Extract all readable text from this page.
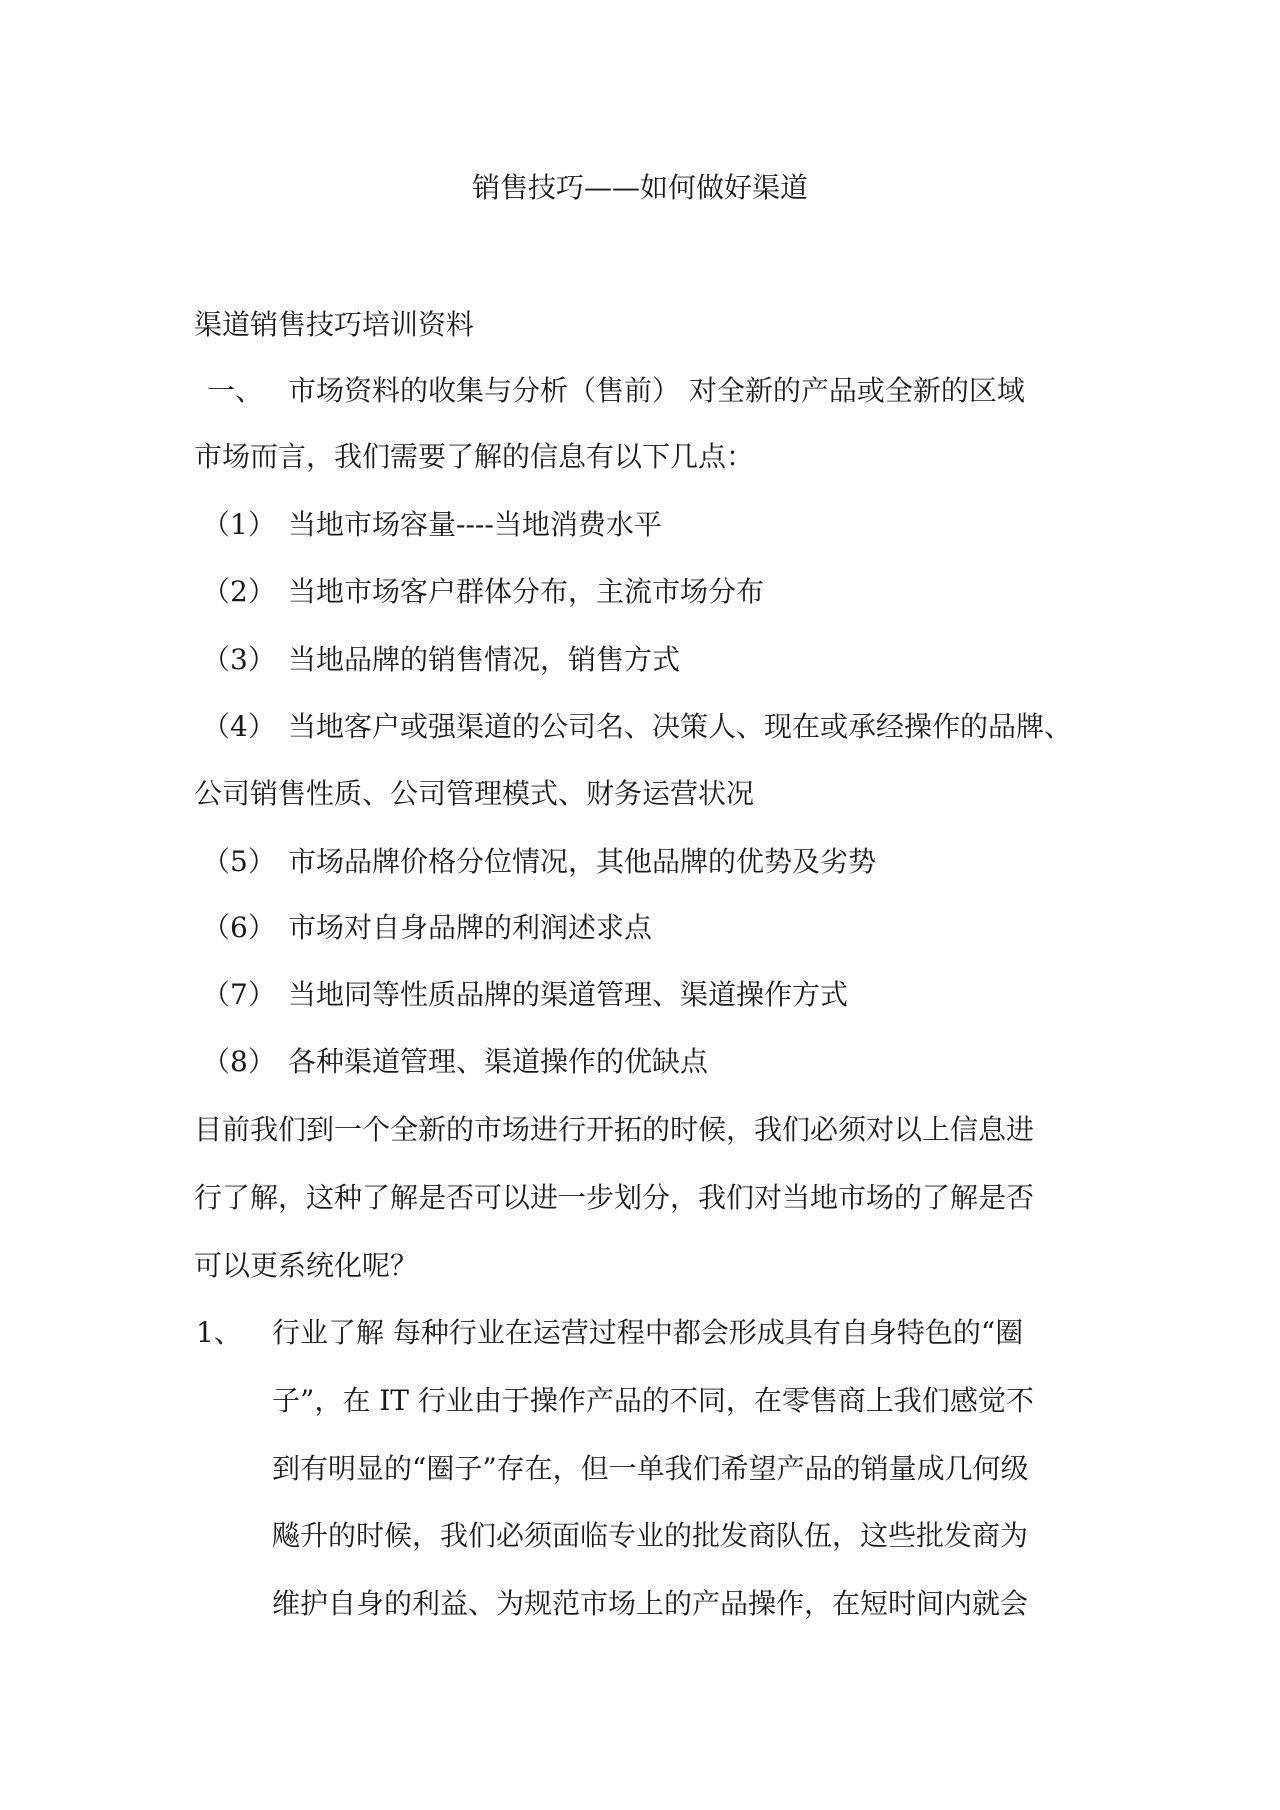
销售技巧——如何做好渠道
渠道销售技巧培训资料
一、 市场资料的收集与分析（售前） 对全新的产品或全新的区域
市场而言，我们需要了解的信息有以下几点：
（1） 当地市场容量----当地消费水平
（2） 当地市场客户群体分布，主流市场分布
（3） 当地品牌的销售情况，销售方式
（4） 当地客户或强渠道的公司名、决策人、现在或承经操作的品牌、
公司销售性质、公司管理模式、财务运营状况
（5） 市场品牌价格分位情况，其他品牌的优势及劣势
（6） 市场对自身品牌的利润述求点
（7） 当地同等性质品牌的渠道管理、渠道操作方式
（8） 各种渠道管理、渠道操作的优缺点
目前我们到一个全新的市场进行开拓的时候，我们必须对以上信息进
行了解，这种了解是否可以进一步划分，我们对当地市场的了解是否
可以更系统化呢？
1、 行业了解 每种行业在运营过程中都会形成具有自身特色的“圈
子”，在 IT 行业由于操作产品的不同，在零售商上我们感觉不
到有明显的“圈子”存在，但一单我们希望产品的销量成几何级
飚升的时候，我们必须面临专业的批发商队伍，这些批发商为
维护自身的利益、为规范市场上的产品操作，在短时间内就会
